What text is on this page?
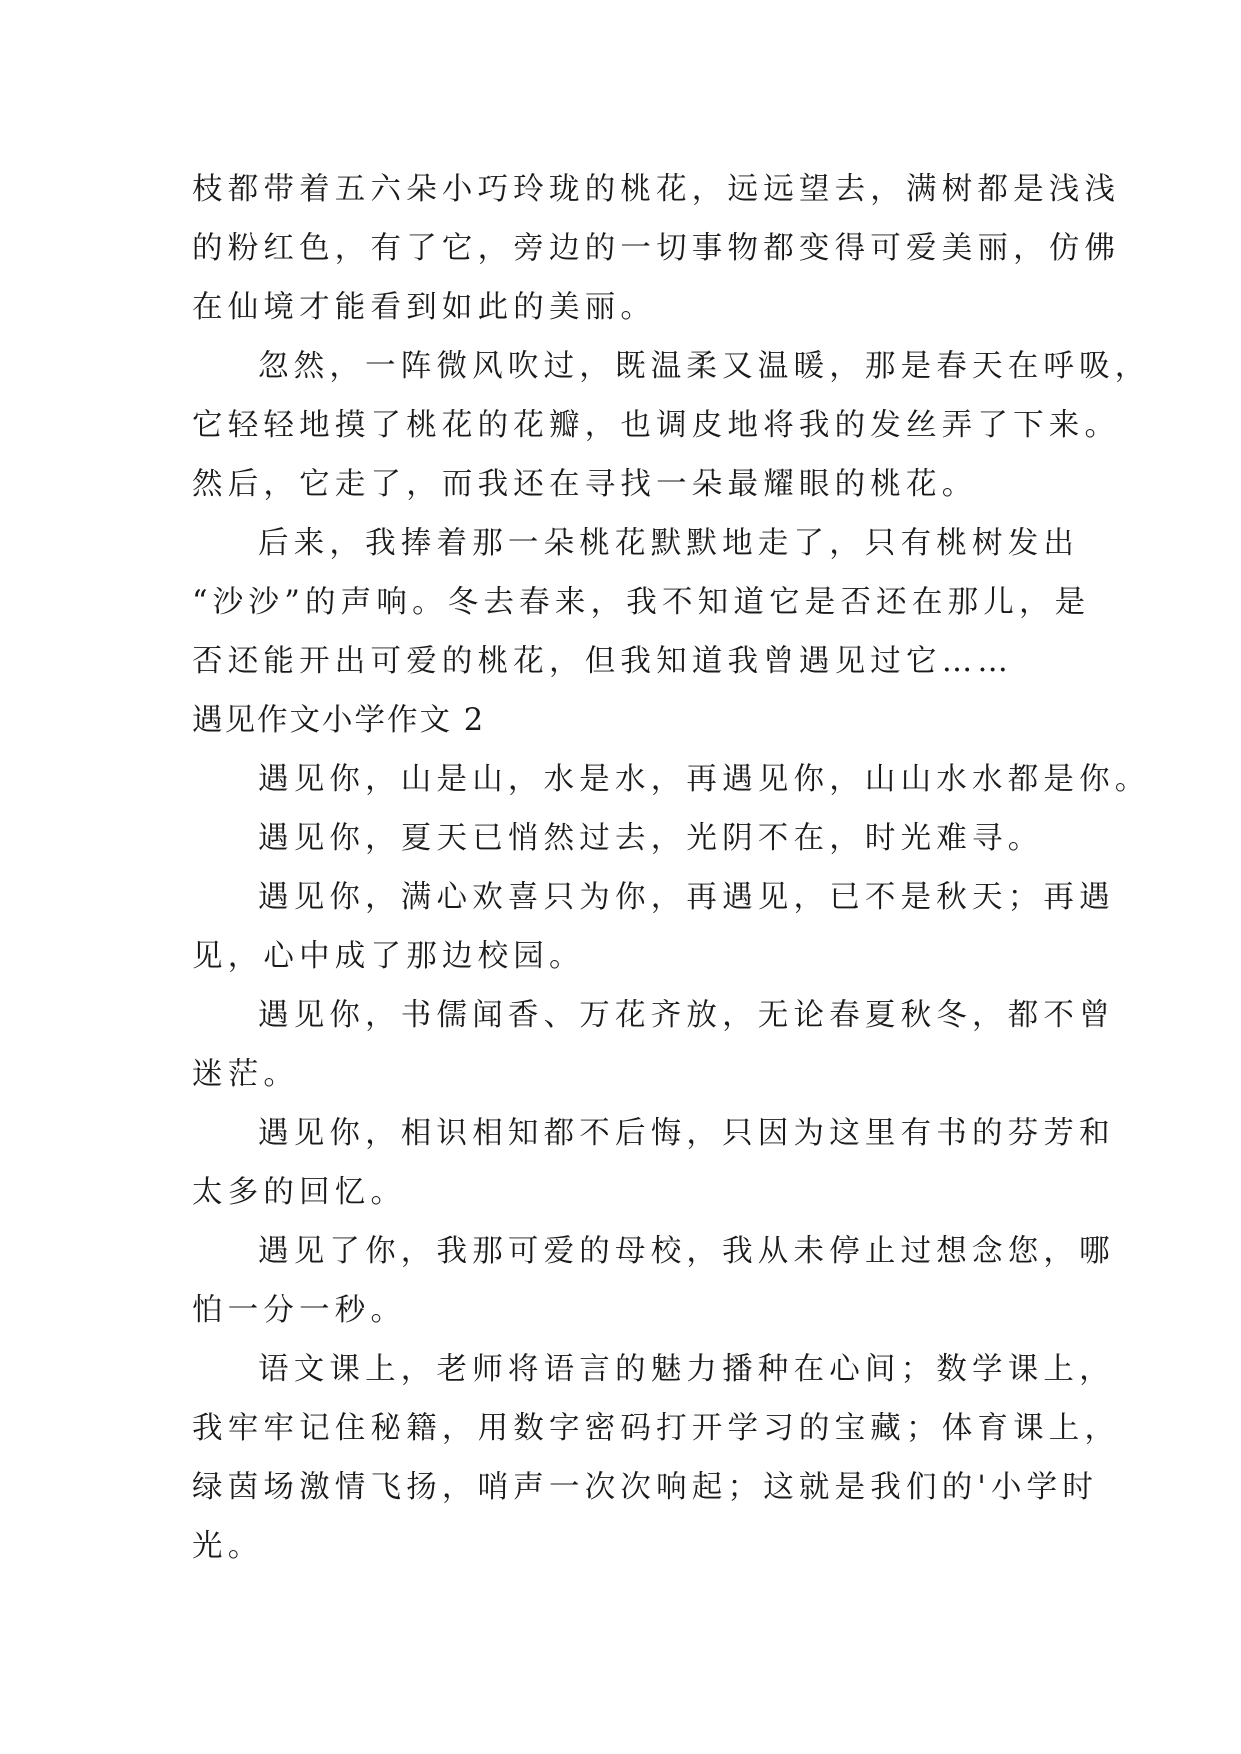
枝都带着五六朵小巧玲珑的桃花，远远望去，满树都是浅浅
的粉红色，有了它，旁边的一切事物都变得可爱美丽，仿佛
在仙境才能看到如此的美丽。
忽然，一阵微风吹过，既温柔又温暖，那是春天在呼吸，
它轻轻地摸了桃花的花瓣，也调皮地将我的发丝弄了下来。
然后，它走了，而我还在寻找一朵最耀眼的桃花。
后来，我捧着那一朵桃花默默地走了，只有桃树发出
“沙沙”的声响。冬去春来，我不知道它是否还在那儿，是
否还能开出可爱的桃花，但我知道我曾遇见过它……
遇见作文小学作文 2
遇见你，山是山，水是水，再遇见你，山山水水都是你。
遇见你，夏天已悄然过去，光阴不在，时光难寻。
遇见你，满心欢喜只为你，再遇见，已不是秋天；再遇
见，心中成了那边校园。
遇见你，书儒闻香、万花齐放，无论春夏秋冬，都不曾
迷茫。
遇见你，相识相知都不后悔，只因为这里有书的芬芳和
太多的回忆。
遇见了你，我那可爱的母校，我从未停止过想念您，哪
怕一分一秒。
语文课上，老师将语言的魅力播种在心间；数学课上，
我牢牢记住秘籍，用数字密码打开学习的宝藏；体育课上，
绿茵场激情飞扬，哨声一次次响起；这就是我们的'小学时
光。
